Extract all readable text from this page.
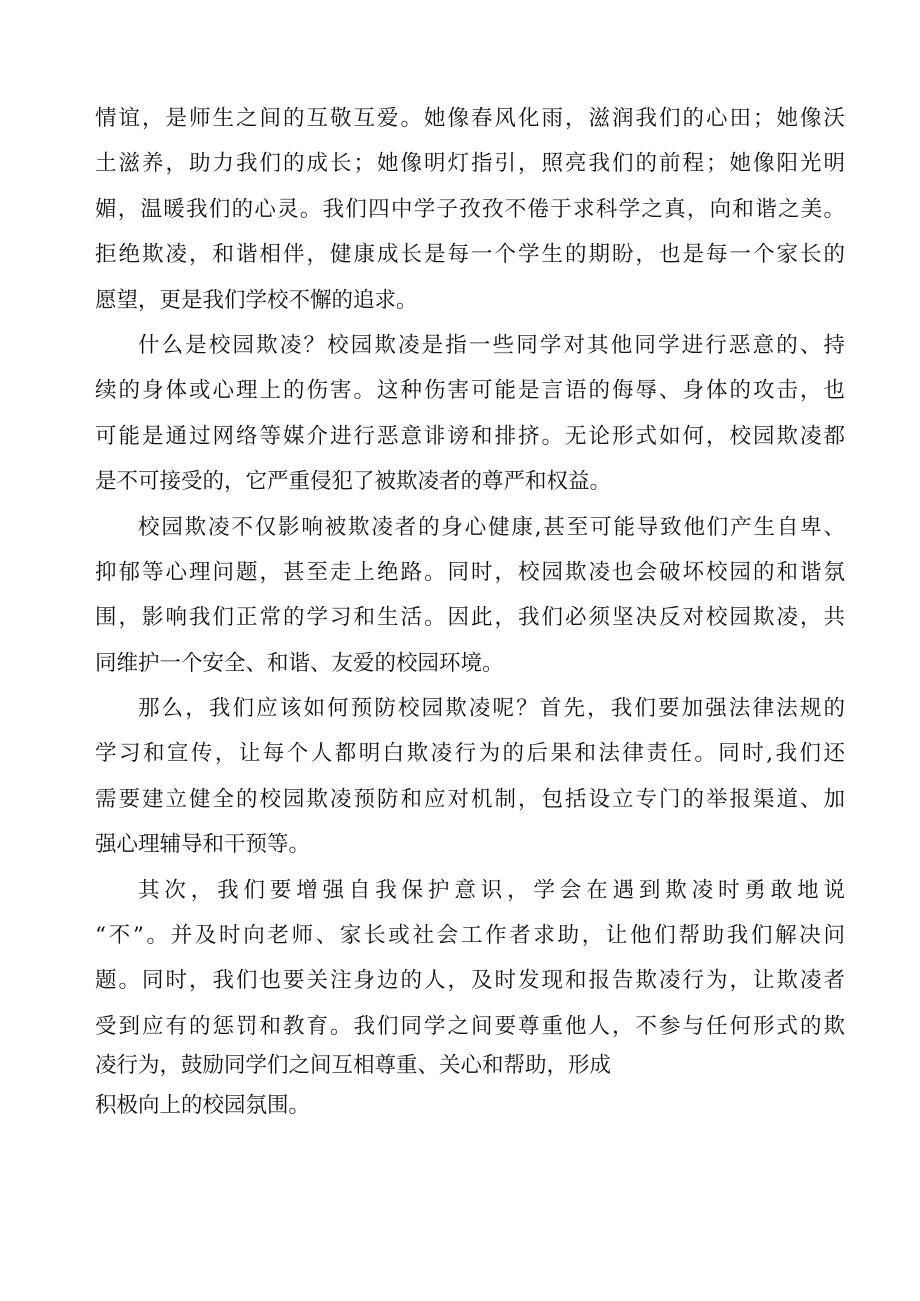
情谊，是师生之间的互敬互爱。她像春风化雨，滋润我们的心田；她像沃
土滋养，助力我们的成长；她像明灯指引，照亮我们的前程；她像阳光明
媚，温暖我们的心灵。我们四中学子孜孜不倦于求科学之真，向和谐之美。
拒绝欺凌，和谐相伴，健康成长是每一个学生的期盼，也是每一个家长的
愿望，更是我们学校不懈的追求。
什么是校园欺凌？校园欺凌是指一些同学对其他同学进行恶意的、持
续的身体或心理上的伤害。这种伤害可能是言语的侮辱、身体的攻击，也
可能是通过网络等媒介进行恶意诽谤和排挤。无论形式如何，校园欺凌都
是不可接受的，它严重侵犯了被欺凌者的尊严和权益。
校园欺凌不仅影响被欺凌者的身心健康,甚至可能导致他们产生自卑、
抑郁等心理问题，甚至走上绝路。同时，校园欺凌也会破坏校园的和谐氛
围，影响我们正常的学习和生活。因此，我们必须坚决反对校园欺凌，共
同维护一个安全、和谐、友爱的校园环境。
那么，我们应该如何预防校园欺凌呢？首先，我们要加强法律法规的
学习和宣传，让每个人都明白欺凌行为的后果和法律责任。同时,我们还
需要建立健全的校园欺凌预防和应对机制，包括设立专门的举报渠道、加
强心理辅导和干预等。
其次，我们要增强自我保护意识，学会在遇到欺凌时勇敢地说
“不”。并及时向老师、家长或社会工作者求助，让他们帮助我们解决问
题。同时，我们也要关注身边的人，及时发现和报告欺凌行为，让欺凌者
受到应有的惩罚和教育。我们同学之间要尊重他人，不参与任何形式的欺
凌行为，鼓励同学们之间互相尊重、关心和帮助，形成
积极向上的校园氛围。
